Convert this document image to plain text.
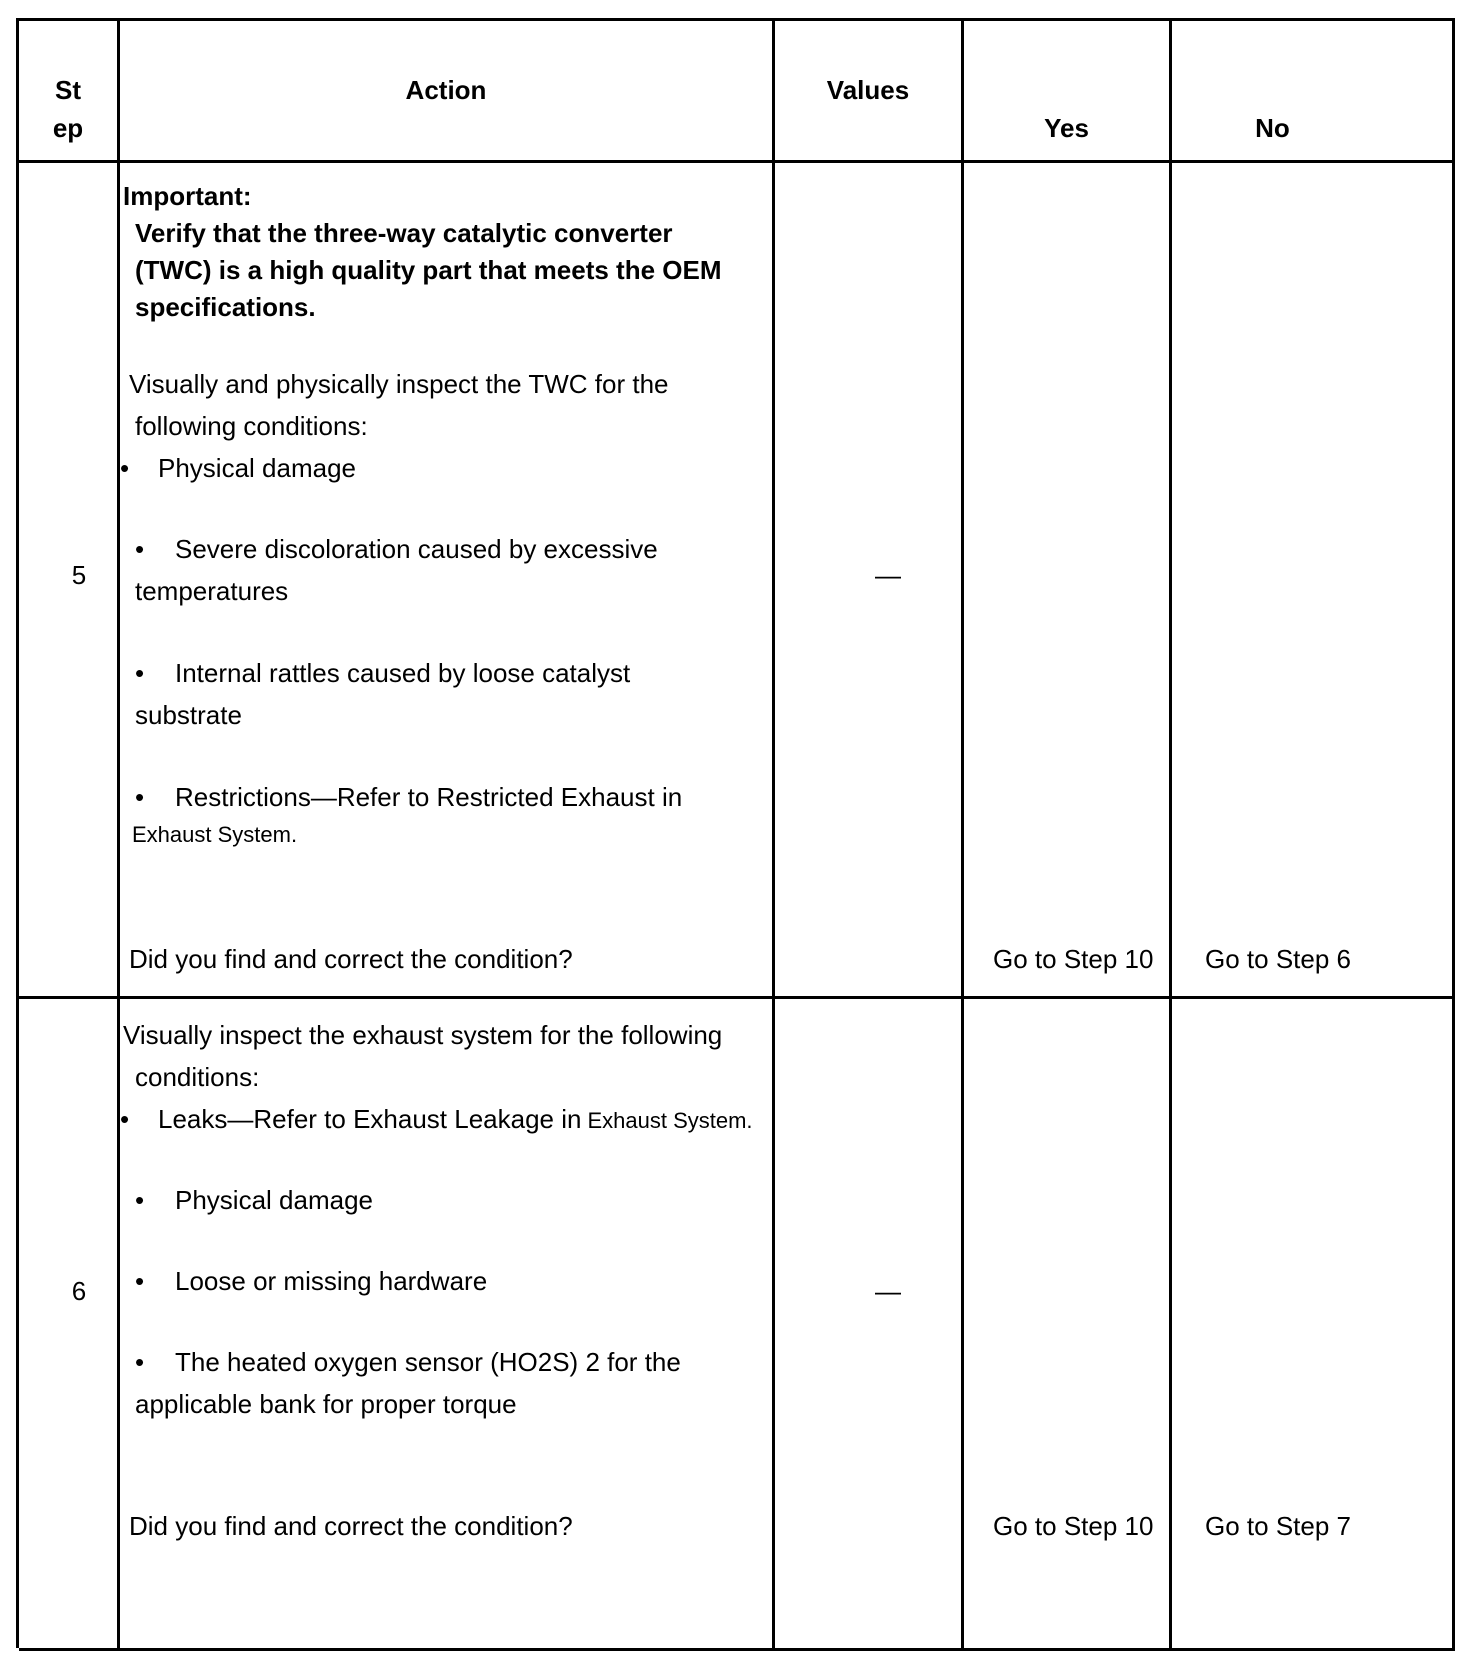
St
ep
Action	Values
Yes	No
5
Important:
Verify that the three-way catalytic converter
(TWC) is a high quality part that meets the OEM
specifications.
Visually and physically inspect the TWC for the
following conditions:
• Physical damage
• Severe discoloration caused by excessive
temperatures
• Internal rattles caused by loose catalyst
substrate
• Restrictions—Refer to Restricted Exhaust in
Exhaust System.
Did you find and correct the condition?
—
Go to Step 10 Go to Step 6
6
Visually inspect the exhaust system for the following
conditions:
• Leaks—Refer to Exhaust Leakage in Exhaust System.
• Physical damage
• Loose or missing hardware
• The heated oxygen sensor (HO2S) 2 for the
applicable bank for proper torque
Did you find and correct the condition?
—
Go to Step 10 Go to Step 7
